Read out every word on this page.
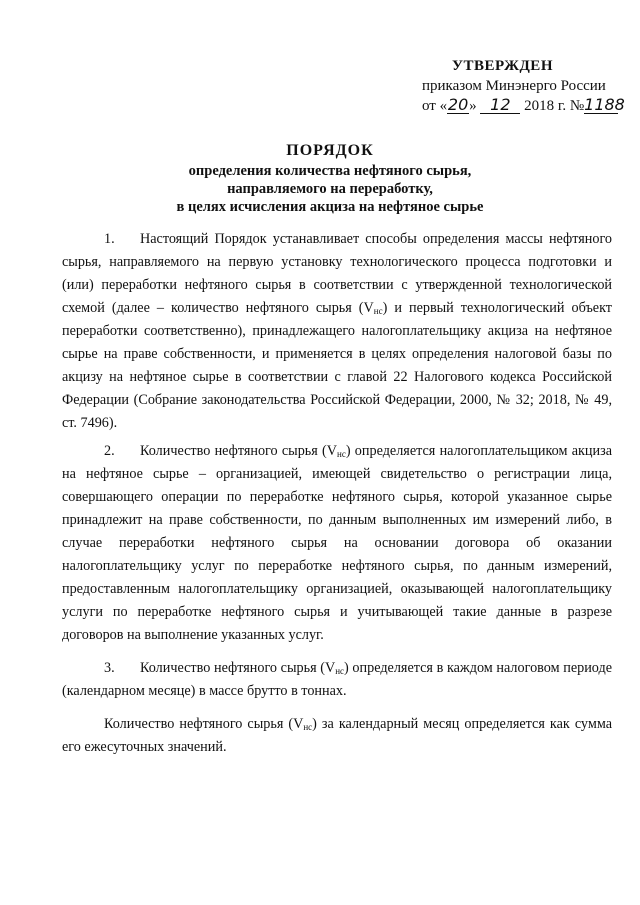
УТВЕРЖДЕН
приказом Минэнерго России
от «20» 12 2018 г. №1188
ПОРЯДОК
определения количества нефтяного сырья,
направляемого на переработку,
в целях исчисления акциза на нефтяное сырье

1. Настоящий Порядок устанавливает способы определения массы нефтяного сырья, направляемого на первую установку технологического процесса подготовки и (или) переработки нефтяного сырья в соответствии с утвержденной технологической схемой (далее – количество нефтяного сырья $(V_{нс})$ и первый технологический объект переработки соответственно), принадлежащего налогоплательщику акциза на нефтяное сырье на праве собственности, и применяется в целях определения налоговой базы по акцизу на нефтяное сырье в соответствии с главой 22 Налогового кодекса Российской Федерации (Собрание законодательства Российской Федерации, 2000, № 32; 2018, № 49, ст. 7496).

2. Количество нефтяного сырья $(V_{нс})$ определяется налогоплательщиком акциза на нефтяное сырье – организацией, имеющей свидетельство о регистрации лица, совершающего операции по переработке нефтяного сырья, которой указанное сырье принадлежит на праве собственности, по данным выполненных им измерений либо, в случае переработки нефтяного сырья на основании договора об оказании налогоплательщику услуг по переработке нефтяного сырья, по данным измерений, предоставленным налогоплательщику организацией, оказывающей налогоплательщику услуги по переработке нефтяного сырья и учитывающей такие данные в разрезе договоров на выполнение указанных услуг.

3. Количество нефтяного сырья $(V_{нс})$ определяется в каждом налоговом периоде (календарном месяце) в массе брутто в тоннах.

Количество нефтяного сырья $(V_{нс})$ за календарный месяц определяется как сумма его ежесуточных значений.
